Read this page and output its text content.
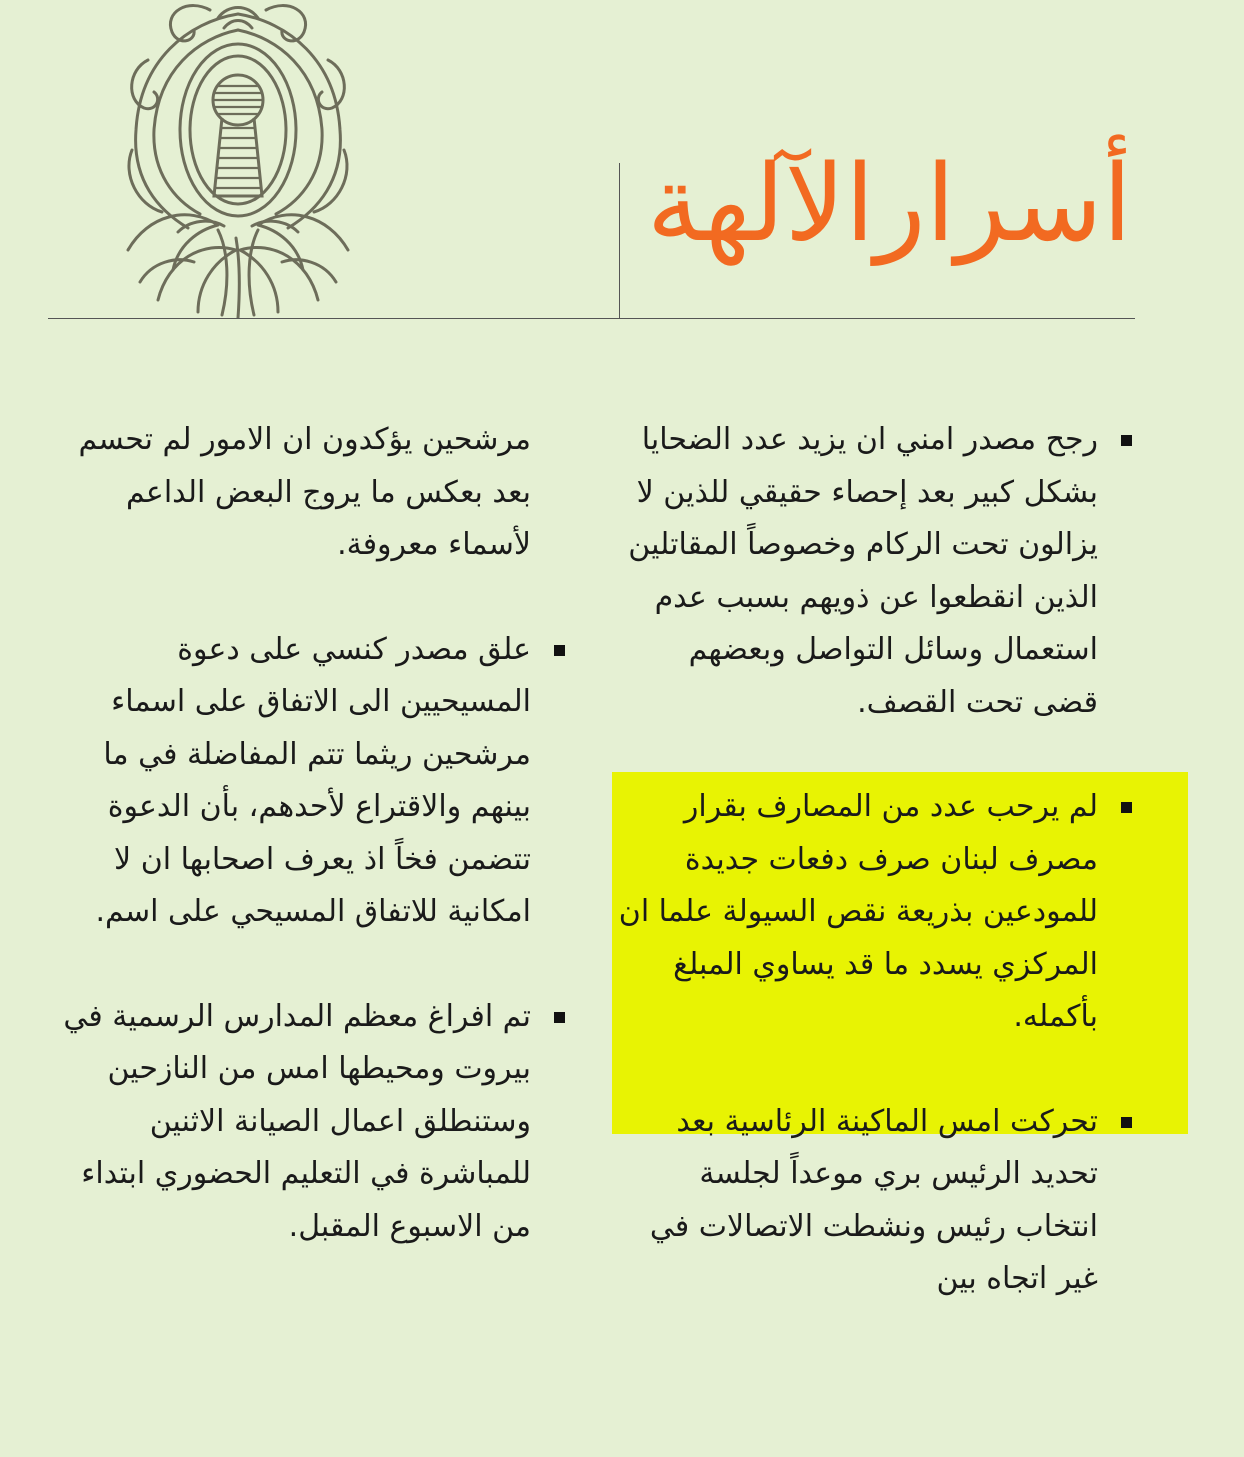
أسرارالآلهة
رجح مصدر امني ان يزيد عدد الضحايا بشكل كبير بعد إحصاء حقيقي للذين لا يزالون تحت الركام وخصوصاً المقاتلين الذين انقطعوا عن ذويهم بسبب عدم استعمال وسائل التواصل وبعضهم قضى تحت القصف.
لم يرحب عدد من المصارف بقرار مصرف لبنان صرف دفعات جديدة للمودعين بذريعة نقص السيولة علما ان المركزي يسدد ما قد يساوي المبلغ بأكمله.
تحركت امس الماكينة الرئاسية بعد تحديد الرئيس بري موعداً لجلسة انتخاب رئيس ونشطت الاتصالات في غير اتجاه بين
مرشحين يؤكدون ان الامور لم تحسم بعد بعكس ما يروج البعض الداعم لأسماء معروفة.
علق مصدر كنسي على دعوة المسيحيين الى الاتفاق على اسماء مرشحين ريثما تتم المفاضلة في ما بينهم والاقتراع لأحدهم، بأن الدعوة تتضمن فخاً اذ يعرف اصحابها ان لا امكانية للاتفاق المسيحي على اسم.
تم افراغ معظم المدارس الرسمية في بيروت ومحيطها امس من النازحين وستنطلق اعمال الصيانة الاثنين للمباشرة في التعليم الحضوري ابتداء من الاسبوع المقبل.
